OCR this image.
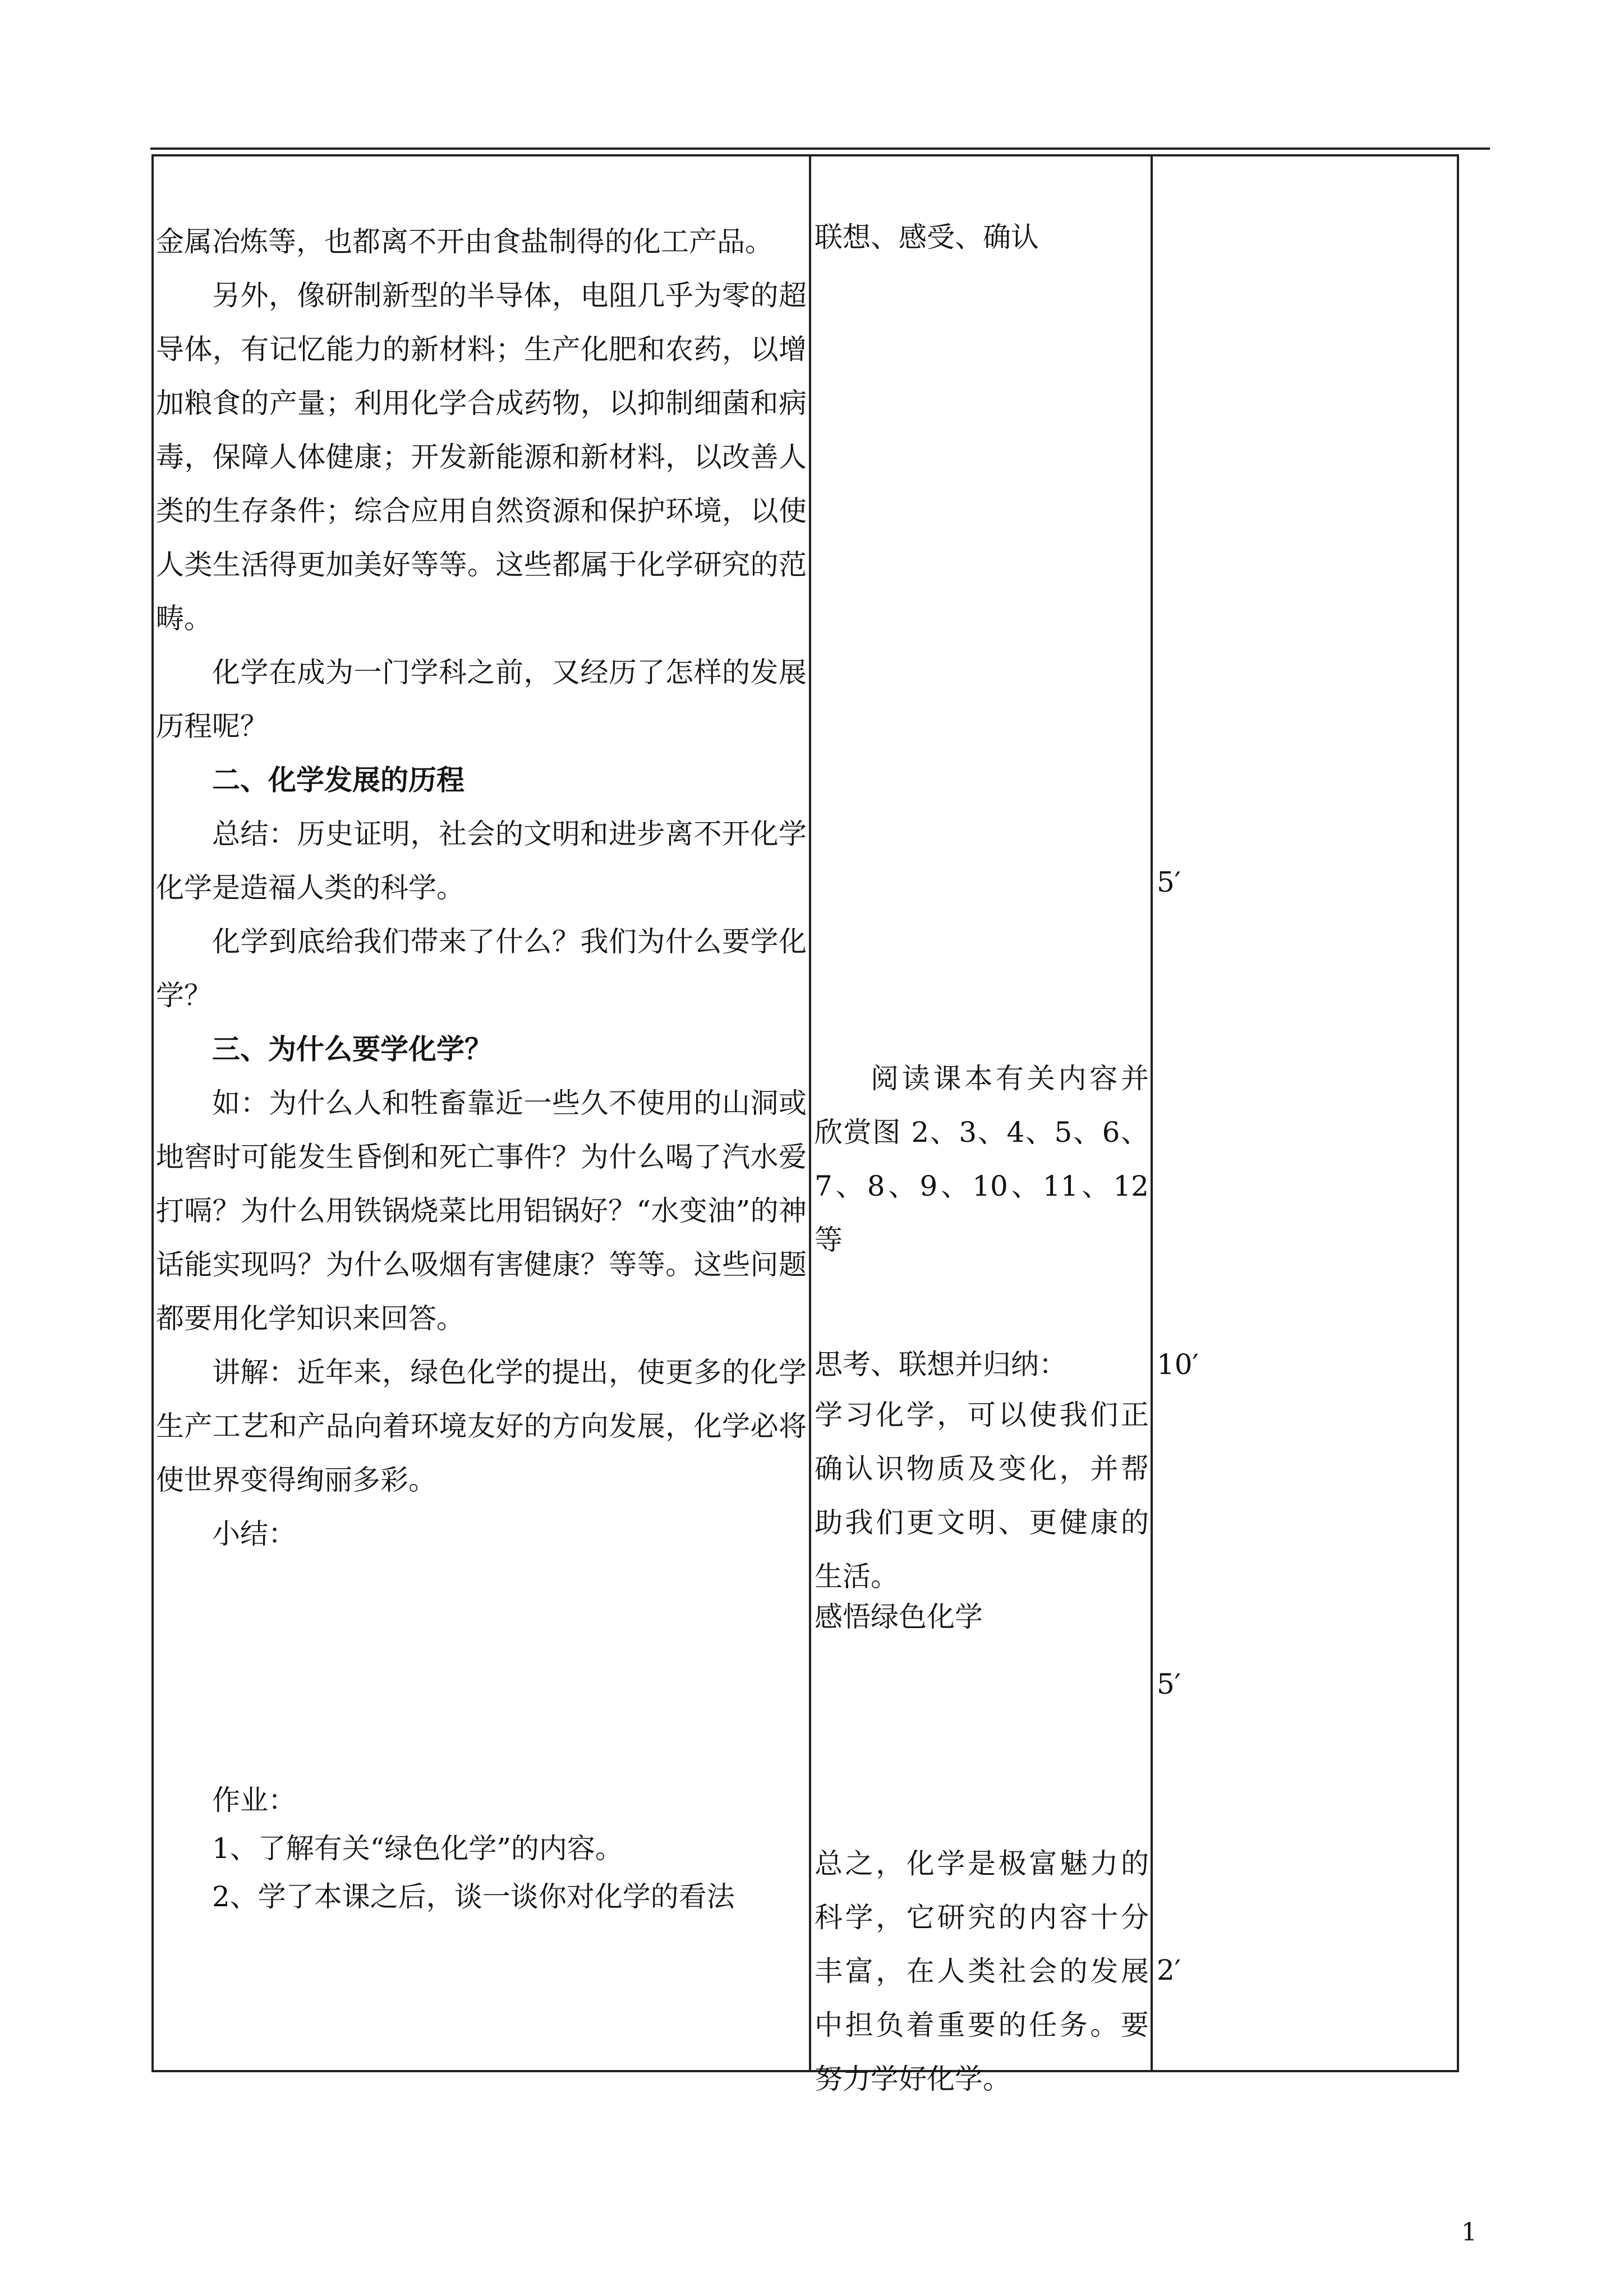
金属冶炼等，也都离不开由食盐制得的化工产品。

另外，像研制新型的半导体，电阻几乎为零的超导体，有记忆能力的新材料；生产化肥和农药，以增加粮食的产量；利用化学合成药物，以抑制细菌和病毒，保障人体健康；开发新能源和新材料，以改善人类的生存条件；综合应用自然资源和保护环境，以使人类生活得更加美好等等。这些都属于化学研究的范畴。

化学在成为一门学科之前，又经历了怎样的发展历程呢？

二、化学发展的历程

总结：历史证明，社会的文明和进步离不开化学化学是造福人类的科学。

化学到底给我们带来了什么？我们为什么要学化学？

三、为什么要学化学？

如：为什么人和牲畜靠近一些久不使用的山洞或地窖时可能发生昏倒和死亡事件？为什么喝了汽水爱打嗝？为什么用铁锅烧菜比用铝锅好？“水变油”的神话能实现吗？为什么吸烟有害健康？等等。这些问题都要用化学知识来回答。

讲解：近年来，绿色化学的提出，使更多的化学生产工艺和产品向着环境友好的方向发展，化学必将使世界变得绚丽多彩。

小结：

作业：

1、了解有关“绿色化学”的内容。

2、学了本课之后，谈一谈你对化学的看法

联想、感受、确认

阅读课本有关内容并欣赏图 2、3、4、5、6、7、8、9、10、11、12 等

思考、联想并归纳：

学习化学，可以使我们正确认识物质及变化，并帮助我们更文明、更健康的生活。

感悟绿色化学

总之，化学是极富魅力的科学，它研究的内容十分丰富，在人类社会的发展中担负着重要的任务。要努力学好化学。

5′

10′

5′

2′

1
